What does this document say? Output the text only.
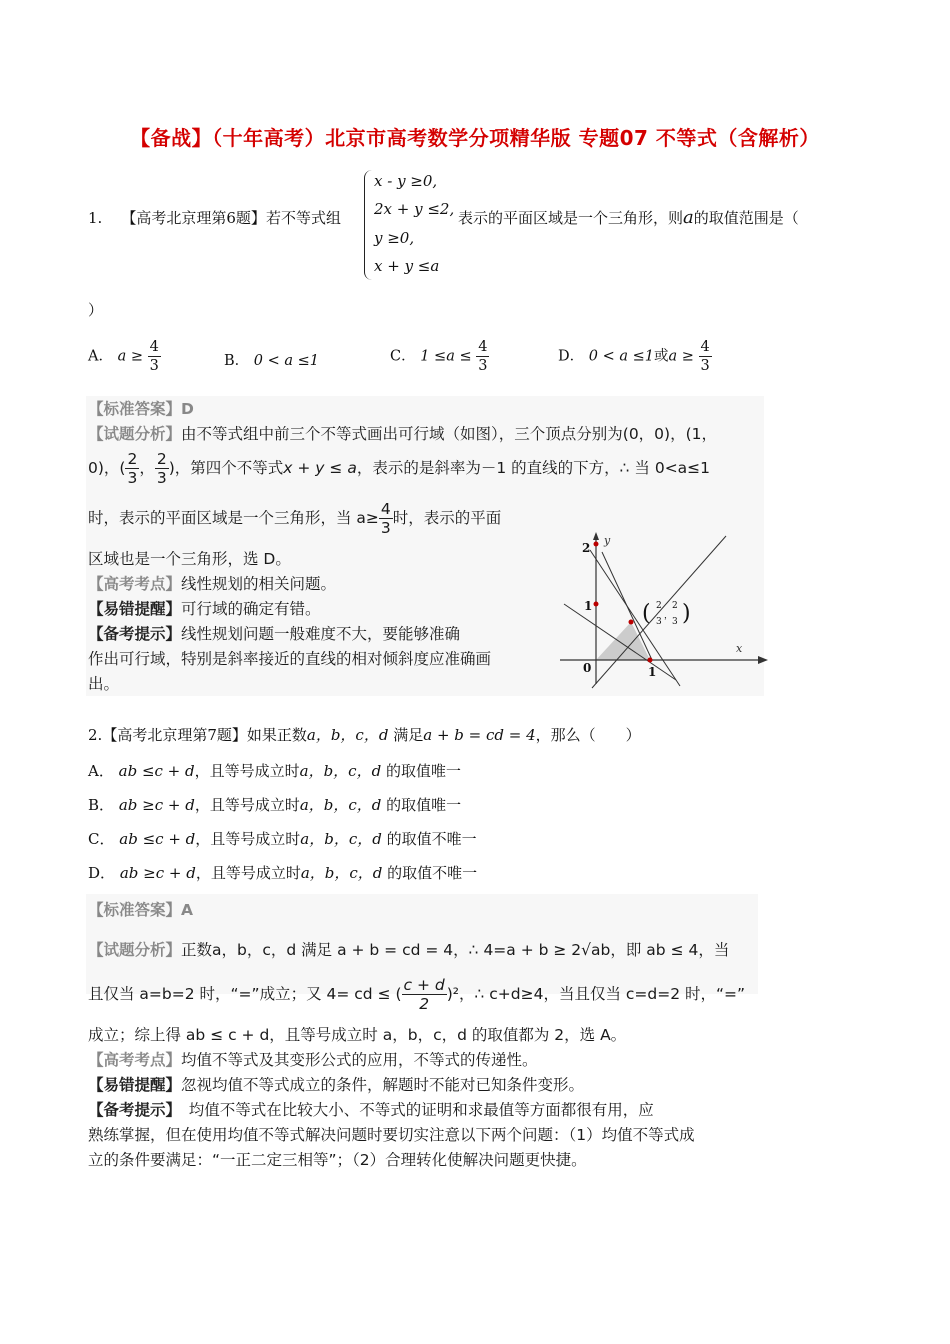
【备战】（十年高考）北京市高考数学分项精华版 专题07 不等式（含解析）
1. 【高考北京理第6题】若不等式组
x - y ≥0,
2x + y ≤2,
y ≥0,
x + y ≤a
表示的平面区域是一个三角形，则a的取值范围是（
）
A． $a \ge \frac{4}{3}$	B． 0 < a ≤1	C． $1 \le a \le \frac{4}{3}$	D． 0 < a ≤1或$a \ge \frac{4}{3}$
【标准答案】D
【试题分析】由不等式组中前三个不等式画出可行域（如图），三个顶点分别为(0，0)，(1，
0)，( $\frac{2}{3}$ ， $\frac{2}{3}$ )，第四个不等式x + y ≤ a，表示的是斜率为－1 的直线的下方，∴ 当 0<a≤1
时，表示的平面区域是一个三角形，当 $a\ge \frac{4}{3}$ 时，表示的平面
区域也是一个三角形，选 D。
【高考考点】线性规划的相关问题。
【易错提醒】可行域的确定有错。
【备考提示】线性规划问题一般难度不大，要能够准确
作出可行域，特别是斜率接近的直线的相对倾斜度应准确画
出。
y
x
2
1
0	1
( 2
3
，
2
3 )
2.【高考北京理第7题】如果正数a，b，c，d 满足a + b = cd = 4，那么（　　）
A． ab ≤c + d，且等号成立时a，b，c，d 的取值唯一
B． ab ≥c + d，且等号成立时a，b，c，d 的取值唯一
C． ab ≤c + d，且等号成立时a，b，c，d 的取值不唯一
D． ab ≥c + d，且等号成立时a，b，c，d 的取值不唯一
【标准答案】A
【试题分析】正数a，b，c，d 满足 a + b = cd = 4，∴ 4=a + b ≥ 2√ab，即 ab ≤ 4，当
且仅当 a=b=2 时，“=”成立；又 4= cd ≤ ( $\frac{c + d}{2} )^2$，∴ c+d≥4，当且仅当 c=d=2 时，“=”
成立；综上得 ab ≤ c + d，且等号成立时 a，b，c，d 的取值都为 2，选 A。
【高考考点】均值不等式及其变形公式的应用，不等式的传递性。
【易错提醒】忽视均值不等式成立的条件，解题时不能对已知条件变形。
【备考提示】　均值不等式在比较大小、不等式的证明和求最值等方面都很有用，应
熟练掌握，但在使用均值不等式解决问题时要切实注意以下两个问题：（1）均值不等式成
立的条件要满足：“一正二定三相等”；（2）合理转化使解决问题更快捷。
